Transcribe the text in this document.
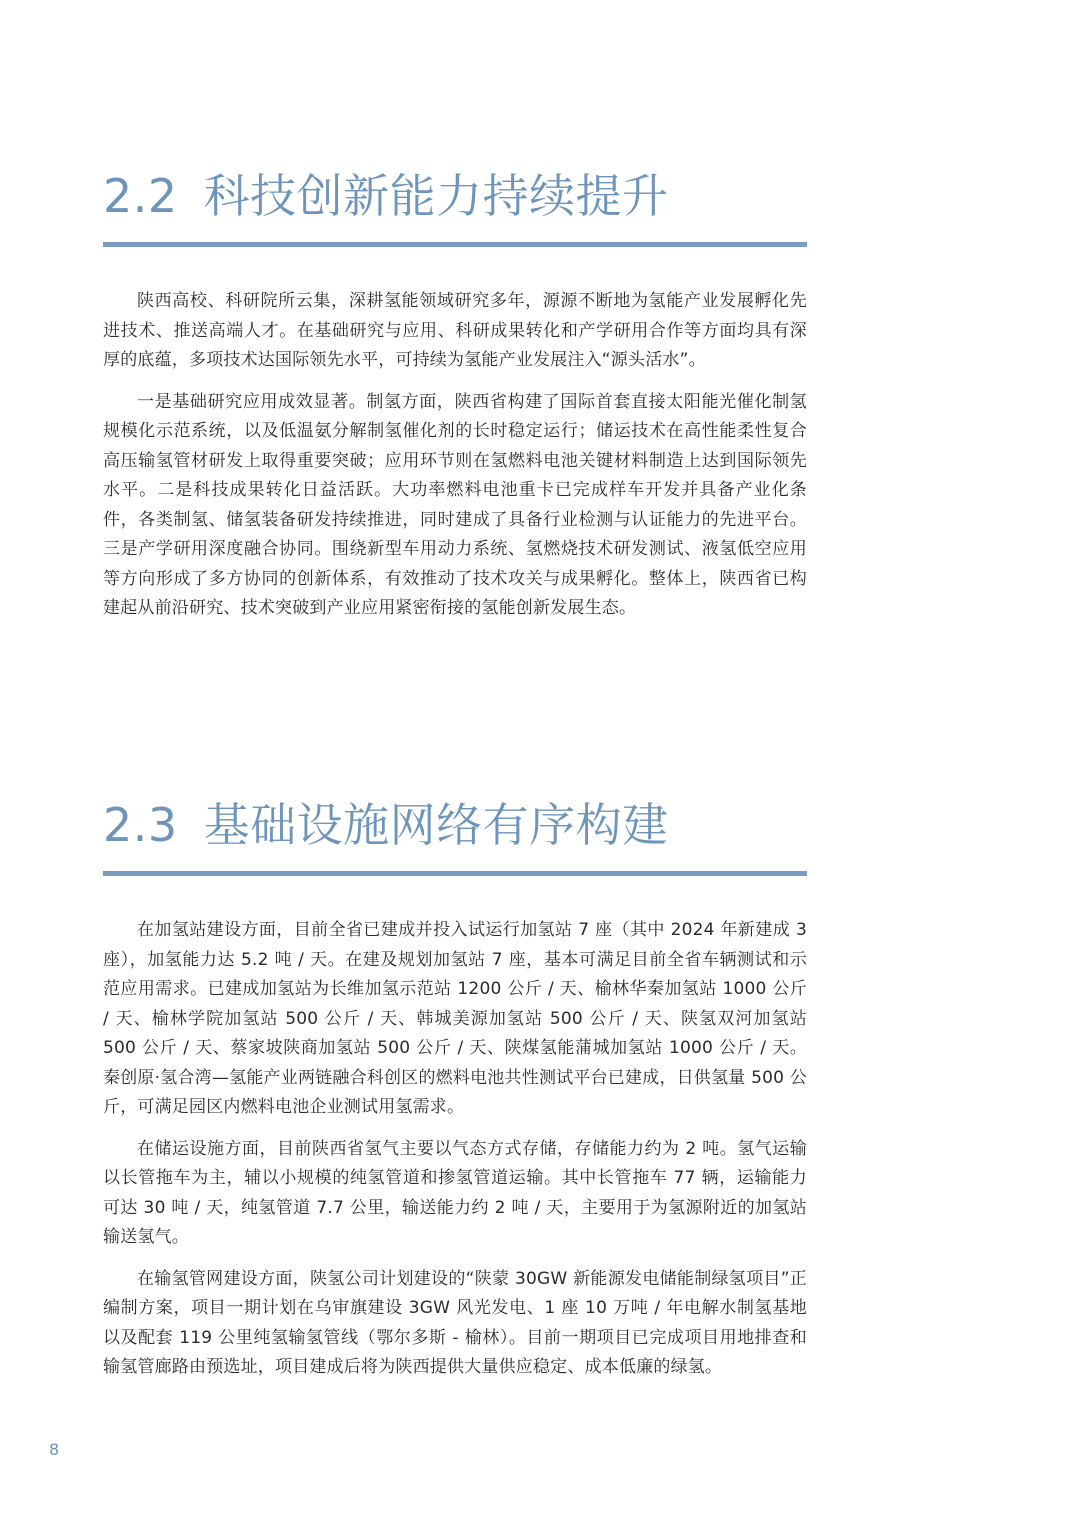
2.2 科技创新能力持续提升

陕西高校、科研院所云集，深耕氢能领域研究多年，源源不断地为氢能产业发展孵化先进技术、推送高端人才。在基础研究与应用、科研成果转化和产学研用合作等方面均具有深厚的底蕴，多项技术达国际领先水平，可持续为氢能产业发展注入“源头活水”。

一是基础研究应用成效显著。制氢方面，陕西省构建了国际首套直接太阳能光催化制氢规模化示范系统，以及低温氨分解制氢催化剂的长时稳定运行；储运技术在高性能柔性复合高压输氢管材研发上取得重要突破；应用环节则在氢燃料电池关键材料制造上达到国际领先水平。二是科技成果转化日益活跃。大功率燃料电池重卡已完成样车开发并具备产业化条件，各类制氢、储氢装备研发持续推进，同时建成了具备行业检测与认证能力的先进平台。三是产学研用深度融合协同。围绕新型车用动力系统、氢燃烧技术研发测试、液氢低空应用等方向形成了多方协同的创新体系，有效推动了技术攻关与成果孵化。整体上，陕西省已构建起从前沿研究、技术突破到产业应用紧密衔接的氢能创新发展生态。

2.3 基础设施网络有序构建

在加氢站建设方面，目前全省已建成并投入试运行加氢站 7 座（其中 2024 年新建成 3 座），加氢能力达 5.2 吨 / 天。在建及规划加氢站 7 座，基本可满足目前全省车辆测试和示范应用需求。已建成加氢站为长维加氢示范站 1200 公斤 / 天、榆林华秦加氢站 1000 公斤 / 天、榆林学院加氢站 500 公斤 / 天、韩城美源加氢站 500 公斤 / 天、陕氢双河加氢站 500 公斤 / 天、蔡家坡陕商加氢站 500 公斤 / 天、陕煤氢能蒲城加氢站 1000 公斤 / 天。秦创原·氢合湾—氢能产业两链融合科创区的燃料电池共性测试平台已建成，日供氢量 500 公斤，可满足园区内燃料电池企业测试用氢需求。

在储运设施方面，目前陕西省氢气主要以气态方式存储，存储能力约为 2 吨。氢气运输以长管拖车为主，辅以小规模的纯氢管道和掺氢管道运输。其中长管拖车 77 辆，运输能力可达 30 吨 / 天，纯氢管道 7.7 公里，输送能力约 2 吨 / 天，主要用于为氢源附近的加氢站输送氢气。

在输氢管网建设方面，陕氢公司计划建设的“陕蒙 30GW 新能源发电储能制绿氢项目”正编制方案，项目一期计划在乌审旗建设 3GW 风光发电、1 座 10 万吨 / 年电解水制氢基地以及配套 119 公里纯氢输氢管线（鄂尔多斯 - 榆林）。目前一期项目已完成项目用地排查和输氢管廊路由预选址，项目建成后将为陕西提供大量供应稳定、成本低廉的绿氢。

8
